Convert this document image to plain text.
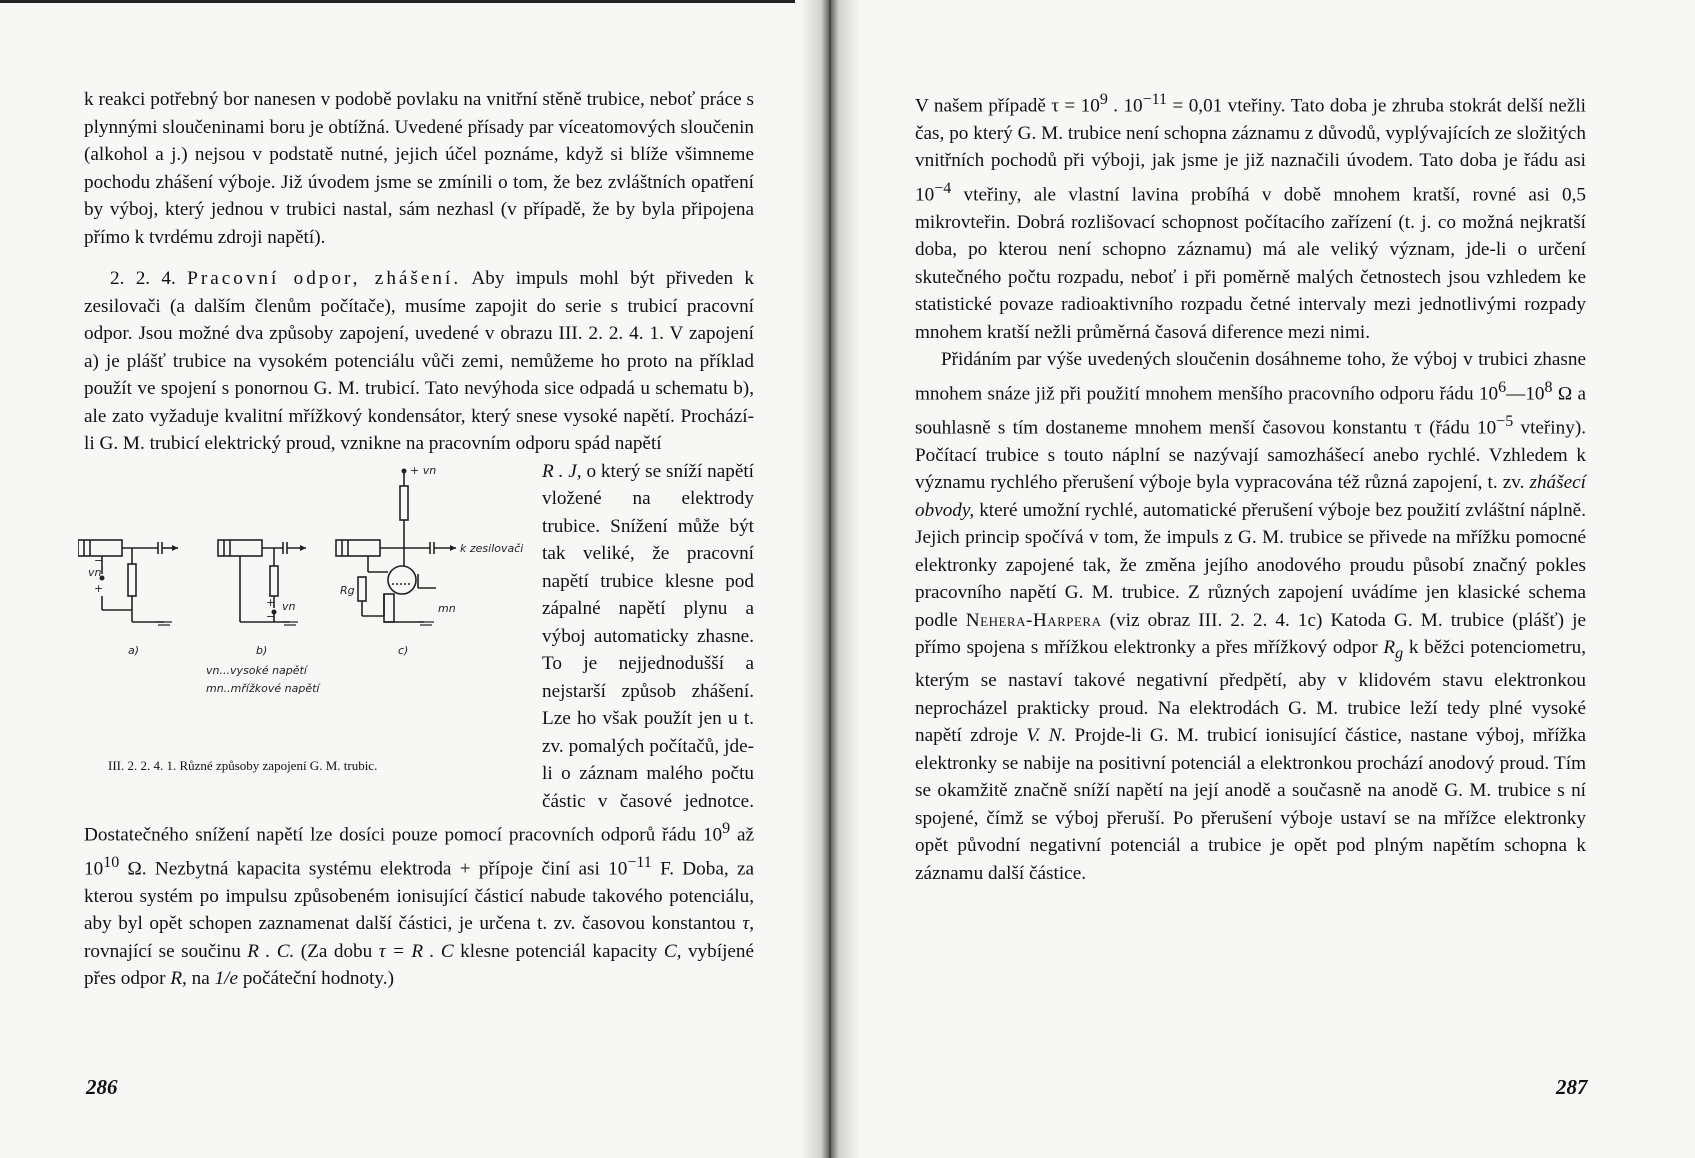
k reakci potřebný bor nanesen v podobě povlaku na vnitřní stěně trubice, neboť práce s plynnými sloučeninami boru je obtížná. Uvedené přísady par víceatomových sloučenin (alkohol a j.) nejsou v podstatě nutné, jejich účel poznáme, když si blíže všimneme pochodu zhášení výboje. Již úvodem jsme se zmínili o tom, že bez zvláštních opatření by výboj, který jednou v trubici nastal, sám nezhasl (v případě, že by byla připojena přímo k tvrdému zdroji napětí).

2. 2. 4. Pracovní odpor, zhášení. Aby impuls mohl být přiveden k zesilovači (a dalším členům počítače), musíme zapojit do serie s trubicí pracovní odpor. Jsou možné dva způsoby zapojení, uvedené v obrazu III. 2. 2. 4. 1. V zapojení a) je plášť trubice na vysokém potenciálu vůči zemi, nemůžeme ho proto na příklad použít ve spojení s ponornou G. M. trubicí. Tato nevýhoda sice odpadá u schematu b), ale zato vyžaduje kvalitní mřížkový kondensátor, který snese vysoké napětí. Prochází-li G. M. trubicí elektrický proud, vznikne na pracovním odporu spád napětí

+ vn
vn
−
+
vn
+
−
k zesilovači
Rg
mn
a)	b)	c)
vn...vysoké napětí
mn..mřížkové napětí
III. 2. 2. 4. 1. Různé způsoby zapojení G. M. trubic.

R . J, o který se sníží napětí vložené na elektrody trubice. Snížení může být tak veliké, že pracovní napětí trubice klesne pod zápalné napětí plynu a výboj automaticky zhasne. To je nejjednodušší a nejstarší způsob zhášení. Lze ho však použít jen u t. zv. pomalých počítačů, jde-li o záznam malého počtu částic v časové jednotce. Dostatečného snížení napětí lze dosíci pouze pomocí pracovních odporů řádu $10^9$ až $10^{10}$ Ω. Nezbytná kapacita systému elektroda + přípoje činí asi $10^{-11}$ F. Doba, za kterou systém po impulsu způsobeném ionisující částicí nabude takového potenciálu, aby byl opět schopen zaznamenat další částici, je určena t. zv. časovou konstantou τ, rovnající se součinu R . C. (Za dobu τ = R . C klesne potenciál kapacity C, vybíjené přes odpor R, na 1/e počáteční hodnoty.)

286

V našem případě $\tau = 10^9$ . $10^{-11} = 0,01$ vteřiny. Tato doba je zhruba stokrát delší nežli čas, po který G. M. trubice není schopna záznamu z důvodů, vyplývajících ze složitých vnitřních pochodů při výboji, jak jsme je již naznačili úvodem. Tato doba je řádu asi $10^{-4}$ vteřiny, ale vlastní lavina probíhá v době mnohem kratší, rovné asi 0,5 mikrovteřin. Dobrá rozlišovací schopnost počítacího zařízení (t. j. co možná nejkratší doba, po kterou není schopno záznamu) má ale veliký význam, jde-li o určení skutečného počtu rozpadu, neboť i při poměrně malých četnostech jsou vzhledem ke statistické povaze radioaktivního rozpadu četné intervaly mezi jednotlivými rozpady mnohem kratší nežli průměrná časová diference mezi nimi.

Přidáním par výše uvedených sloučenin dosáhneme toho, že výboj v trubici zhasne mnohem snáze již při použití mnohem menšího pracovního odporu řádu $10^6—10^8$ Ω a souhlasně s tím dostaneme mnohem menší časovou konstantu τ (řádu $10^{-5}$ vteřiny). Počítací trubice s touto náplní se nazývají samozhášecí anebo rychlé. Vzhledem k významu rychlého přerušení výboje byla vypracována též různá zapojení, t. zv. zhášecí obvody, které umožní rychlé, automatické přerušení výboje bez použití zvláštní náplně. Jejich princip spočívá v tom, že impuls z G. M. trubice se přivede na mřížku pomocné elektronky zapojené tak, že změna jejího anodového proudu působí značný pokles pracovního napětí G. M. trubice. Z různých zapojení uvádíme jen klasické schema podle Nehera-Harpera (viz obraz III. 2. 2. 4. 1c) Katoda G. M. trubice (plášť) je přímo spojena s mřížkou elektronky a přes mřížkový odpor $R_g$ k běžci potenciometru, kterým se nastaví takové negativní předpětí, aby v klidovém stavu elektronkou neprocházel prakticky proud. Na elektrodách G. M. trubice leží tedy plné vysoké napětí zdroje V. N. Projde-li G. M. trubicí ionisující částice, nastane výboj, mřížka elektronky se nabije na positivní potenciál a elektronkou prochází anodový proud. Tím se okamžitě značně sníží napětí na její anodě a současně na anodě G. M. trubice s ní spojené, čímž se výboj přeruší. Po přerušení výboje ustaví se na mřížce elektronky opět původní negativní potenciál a trubice je opět pod plným napětím schopna k záznamu další částice.

287
